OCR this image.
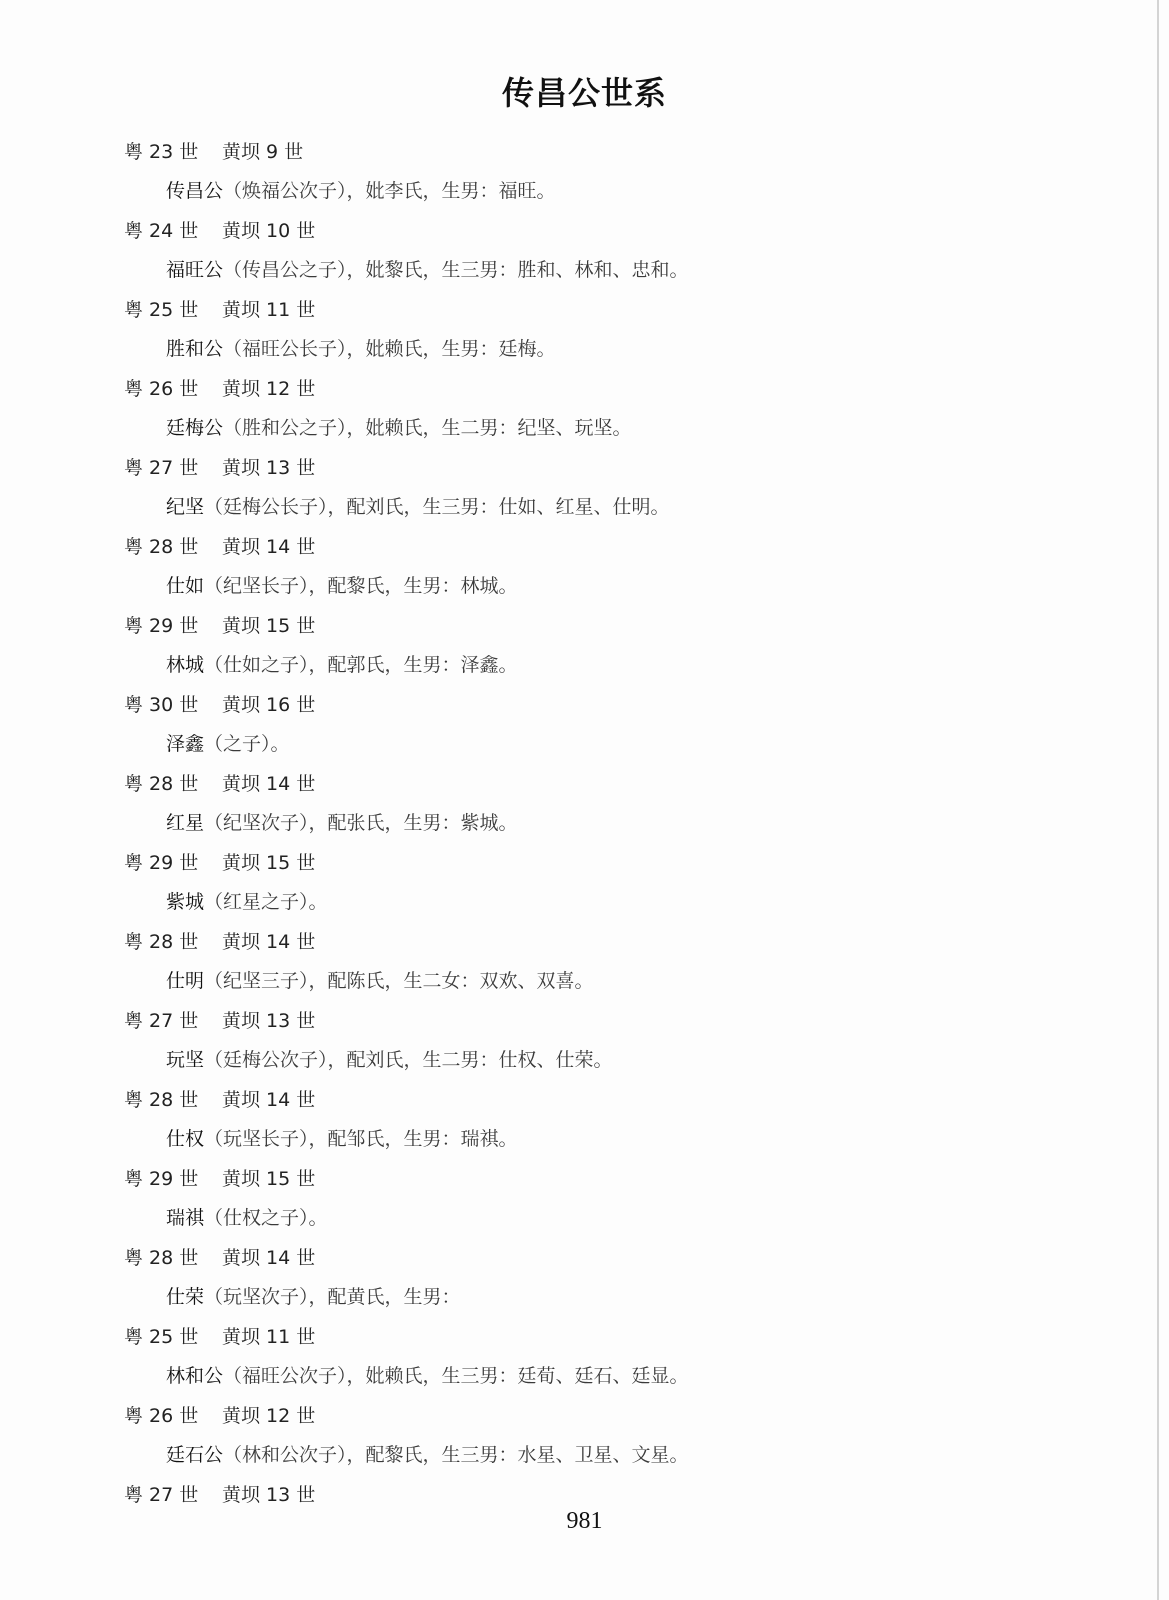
传昌公世系
粤 23 世 黄坝 9 世
传昌公（焕福公次子），妣李氏，生男：福旺。
粤 24 世 黄坝 10 世
福旺公（传昌公之子），妣黎氏，生三男：胜和、林和、忠和。
粤 25 世 黄坝 11 世
胜和公（福旺公长子），妣赖氏，生男：廷梅。
粤 26 世 黄坝 12 世
廷梅公（胜和公之子），妣赖氏，生二男：纪坚、玩坚。
粤 27 世 黄坝 13 世
纪坚（廷梅公长子），配刘氏，生三男：仕如、红星、仕明。
粤 28 世 黄坝 14 世
仕如（纪坚长子），配黎氏，生男：林城。
粤 29 世 黄坝 15 世
林城（仕如之子），配郭氏，生男：泽鑫。
粤 30 世 黄坝 16 世
泽鑫（之子）。
粤 28 世 黄坝 14 世
红星（纪坚次子），配张氏，生男：紫城。
粤 29 世 黄坝 15 世
紫城（红星之子）。
粤 28 世 黄坝 14 世
仕明（纪坚三子），配陈氏，生二女：双欢、双喜。
粤 27 世 黄坝 13 世
玩坚（廷梅公次子），配刘氏，生二男：仕权、仕荣。
粤 28 世 黄坝 14 世
仕权（玩坚长子），配邹氏，生男：瑞祺。
粤 29 世 黄坝 15 世
瑞祺（仕权之子）。
粤 28 世 黄坝 14 世
仕荣（玩坚次子），配黄氏，生男：
粤 25 世 黄坝 11 世
林和公（福旺公次子），妣赖氏，生三男：廷荀、廷石、廷显。
粤 26 世 黄坝 12 世
廷石公（林和公次子），配黎氏，生三男：水星、卫星、文星。
粤 27 世 黄坝 13 世
981
